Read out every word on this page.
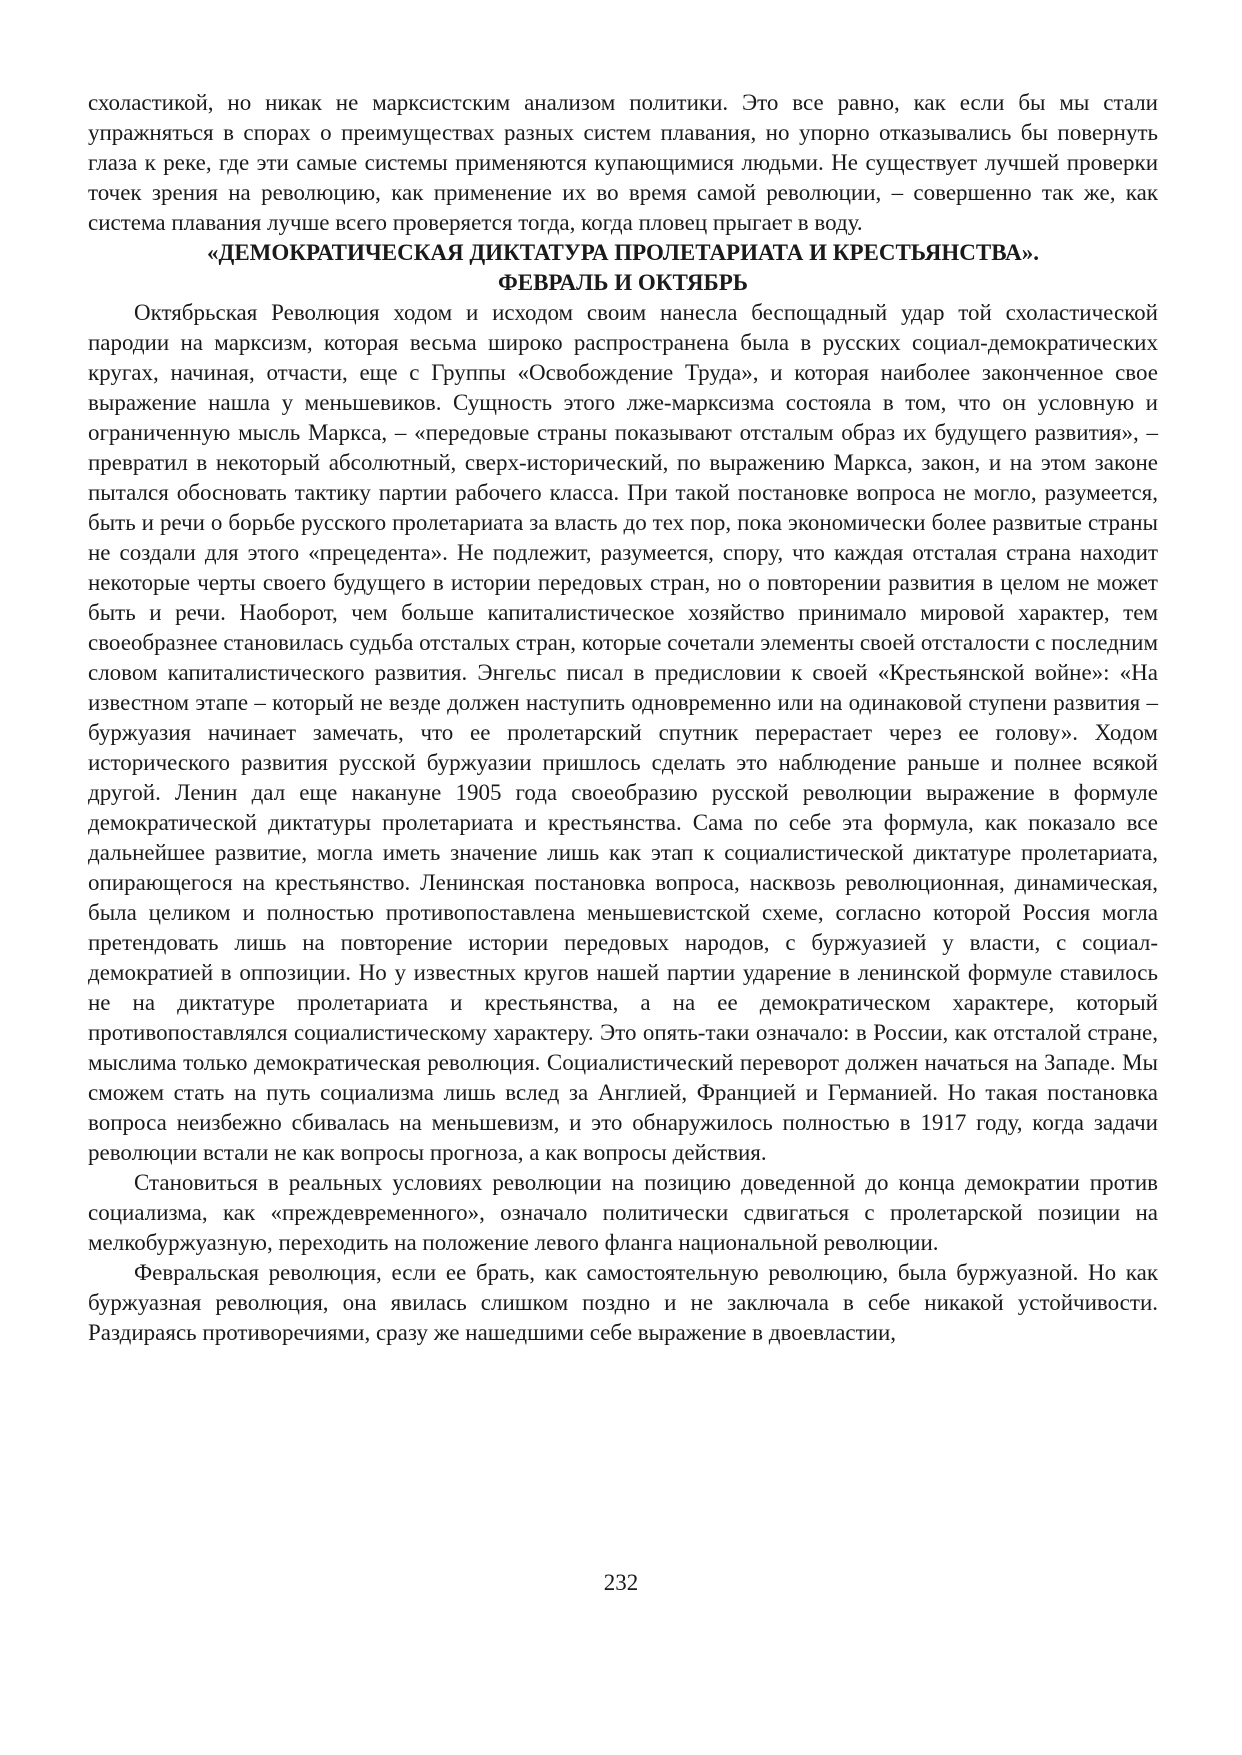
схоластикой, но никак не марксистским анализом политики. Это все равно, как если бы мы стали упражняться в спорах о преимуществах разных систем плавания, но упорно отказывались бы повернуть глаза к реке, где эти самые системы применяются купающимися людьми. Не существует лучшей проверки точек зрения на революцию, как применение их во время самой революции, – совершенно так же, как система плавания лучше всего проверяется тогда, когда пловец прыгает в воду.

«ДЕМОКРАТИЧЕСКАЯ ДИКТАТУРА ПРОЛЕТАРИАТА И КРЕСТЬЯНСТВА».
ФЕВРАЛЬ И ОКТЯБРЬ

Октябрьская Революция ходом и исходом своим нанесла беспощадный удар той схоластической пародии на марксизм, которая весьма широко распространена была в русских социал-демократических кругах, начиная, отчасти, еще с Группы «Освобождение Труда», и которая наиболее законченное свое выражение нашла у меньшевиков. Сущность этого лже-марксизма состояла в том, что он условную и ограниченную мысль Маркса, – «передовые страны показывают отсталым образ их будущего развития», – превратил в некоторый абсолютный, сверх-исторический, по выражению Маркса, закон, и на этом законе пытался обосновать тактику партии рабочего класса. При такой постановке вопроса не могло, разумеется, быть и речи о борьбе русского пролетариата за власть до тех пор, пока экономически более развитые страны не создали для этого «прецедента». Не подлежит, разумеется, спору, что каждая отсталая страна находит некоторые черты своего будущего в истории передовых стран, но о повторении развития в целом не может быть и речи. Наоборот, чем больше капиталистическое хозяйство принимало мировой характер, тем своеобразнее становилась судьба отсталых стран, которые сочетали элементы своей отсталости с последним словом капиталистического развития. Энгельс писал в предисловии к своей «Крестьянской войне»: «На известном этапе – который не везде должен наступить одновременно или на одинаковой ступени развития – буржуазия начинает замечать, что ее пролетарский спутник перерастает через ее голову». Ходом исторического развития русской буржуазии пришлось сделать это наблюдение раньше и полнее всякой другой. Ленин дал еще накануне 1905 года своеобразию русской революции выражение в формуле демократической диктатуры пролетариата и крестьянства. Сама по себе эта формула, как показало все дальнейшее развитие, могла иметь значение лишь как этап к социалистической диктатуре пролетариата, опирающегося на крестьянство. Ленинская постановка вопроса, насквозь революционная, динамическая, была целиком и полностью противопоставлена меньшевистской схеме, согласно которой Россия могла претендовать лишь на повторение истории передовых народов, с буржуазией у власти, с социал-демократией в оппозиции. Но у известных кругов нашей партии ударение в ленинской формуле ставилось не на диктатуре пролетариата и крестьянства, а на ее демократическом характере, который противопоставлялся социалистическому характеру. Это опять-таки означало: в России, как отсталой стране, мыслима только демократическая революция. Социалистический переворот должен начаться на Западе. Мы сможем стать на путь социализма лишь вслед за Англией, Францией и Германией. Но такая постановка вопроса неизбежно сбивалась на меньшевизм, и это обнаружилось полностью в 1917 году, когда задачи революции встали не как вопросы прогноза, а как вопросы действия.

Становиться в реальных условиях революции на позицию доведенной до конца демократии против социализма, как «преждевременного», означало политически сдвигаться с пролетарской позиции на мелкобуржуазную, переходить на положение левого фланга национальной революции.

Февральская революция, если ее брать, как самостоятельную революцию, была буржуазной. Но как буржуазная революция, она явилась слишком поздно и не заключала в себе никакой устойчивости. Раздираясь противоречиями, сразу же нашедшими себе выражение в двоевластии,

232
